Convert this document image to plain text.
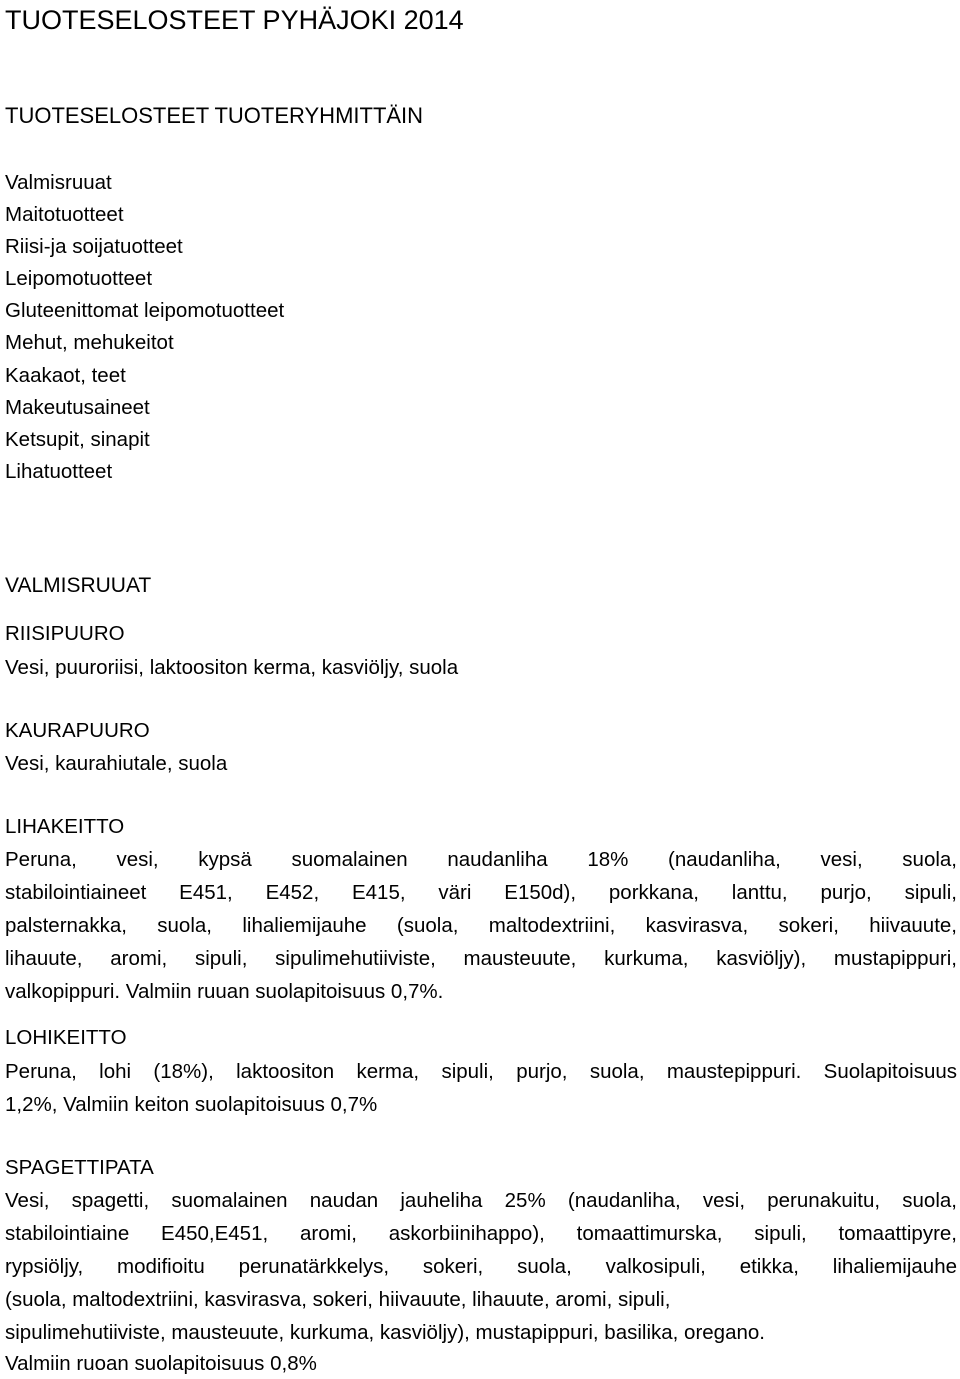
TUOTESELOSTEET PYHÄJOKI 2014
TUOTESELOSTEET TUOTERYHMITTÄIN
Valmisruuat
Maitotuotteet
Riisi-ja soijatuotteet
Leipomotuotteet
Gluteenittomat leipomotuotteet
Mehut, mehukeitot
Kaakaot, teet
Makeutusaineet
Ketsupit, sinapit
Lihatuotteet
VALMISRUUAT
RIISIPUURO
Vesi, puuroriisi, laktoositon kerma, kasviöljy, suola
KAURAPUURO
Vesi, kaurahiutale, suola
LIHAKEITTO
Peruna, vesi, kypsä suomalainen naudanliha 18% (naudanliha, vesi, suola,
stabilointiaineet E451, E452, E415, väri E150d), porkkana, lanttu, purjo, sipuli,
palsternakka, suola, lihaliemijauhe (suola, maltodextriini, kasvirasva, sokeri, hiivauute,
lihauute, aromi, sipuli, sipulimehutiiviste, mausteuute, kurkuma, kasviöljy), mustapippuri,
valkopippuri. Valmiin ruuan suolapitoisuus 0,7%.
LOHIKEITTO
Peruna, lohi (18%), laktoositon kerma, sipuli, purjo, suola, maustepippuri. Suolapitoisuus
1,2%, Valmiin keiton suolapitoisuus 0,7%
SPAGETTIPATA
Vesi, spagetti, suomalainen naudan jauheliha 25% (naudanliha, vesi, perunakuitu, suola,
stabilointiaine E450,E451, aromi, askorbiinihappo), tomaattimurska, sipuli, tomaattipyre,
rypsiöljy, modifioitu perunatärkkelys, sokeri, suola, valkosipuli, etikka, lihaliemijauhe
(suola, maltodextriini, kasvirasva, sokeri, hiivauute, lihauute, aromi, sipuli,
sipulimehutiiviste, mausteuute, kurkuma, kasviöljy), mustapippuri, basilika, oregano.
Valmiin ruoan suolapitoisuus 0,8%
